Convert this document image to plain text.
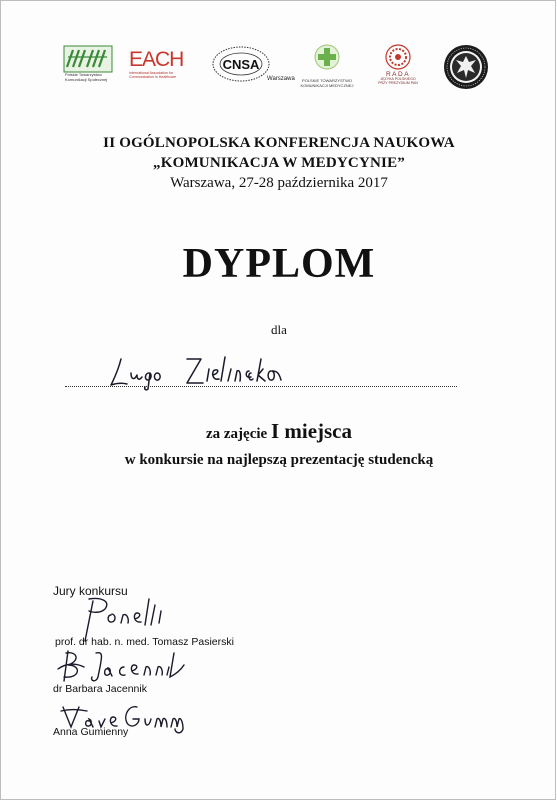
Polskie Towarzystwo
Komunikacji Społecznej
EACH
International Association for
Communication in Healthcare
CNSA
Warszawa	POLSKIE TOWARZYSTWO
KOMUNIKACJI MEDYCZNEJ
RADA
JĘZYKA POLSKIEGO
PRZY PREZYDIUM PAN
II OGÓLNOPOLSKA KONFERENCJA NAUKOWA
„KOMUNIKACJA W MEDYCYNIE”
Warszawa, 27-28 października 2017
DYPLOM
dla
za zajęcie I miejsca
w konkursie na najlepszą prezentację studencką
Jury konkursu
prof. dr hab. n. med. Tomasz Pasierski
dr Barbara Jacennik
Anna Gumienny
